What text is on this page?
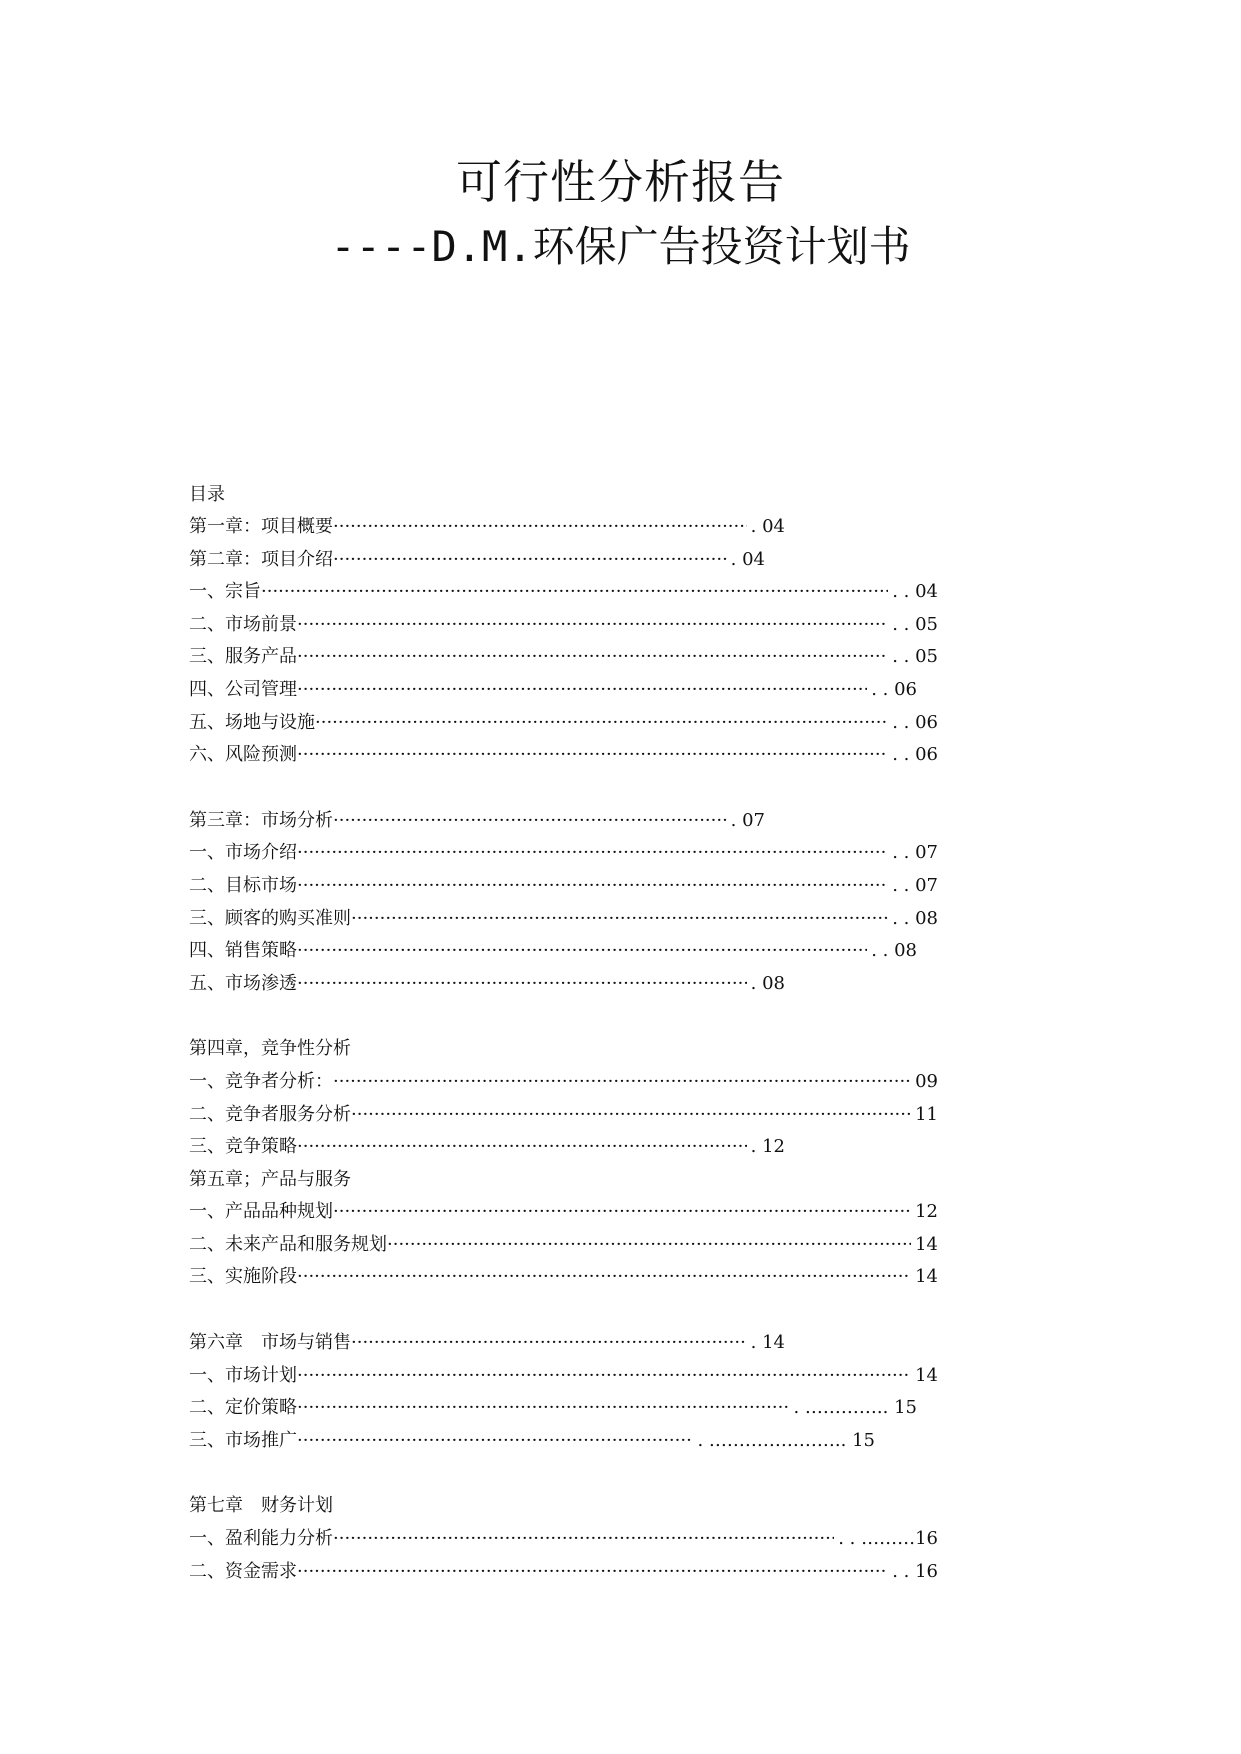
可行性分析报告
----D.M.环保广告投资计划书
目录
第一章：项目概要 ·····	. 04
第二章：项目介绍 ·····	. 04
一、宗旨 ·····	. . 04
二、市场前景 ·····	. . 05
三、服务产品 ·····	. . 05
四、公司管理 ·····	. . 06
五、场地与设施 ·····	. . 06
六、风险预测 ·····	. . 06
第三章：市场分析 ·····	. 07
一、市场介绍 ·····	. . 07
二、目标市场 ·····	. . 07
三、顾客的购买准则 ·····	. . 08
四、销售策略 ·····	. . 08
五、市场渗透 ·····	. 08
第四章，竞争性分析
一、竞争者分析： ·····	09
二、竞争者服务分析 ·····	11
三、竞争策略 ·····	. 12
第五章；产品与服务
一、产品品种规划 ·····	12
二、未来产品和服务规划 ·····	14
三、实施阶段 ·····	14
第六章　市场与销售 ·····	. 14
一、市场计划 ·····	14
二、定价策略 ·····	. ………….. 15
三、市场推广 ·····	. ………………….. 15
第七章　财务计划
一、盈利能力分析 ·····	. . ………16
二、资金需求 ·····	. . 16
